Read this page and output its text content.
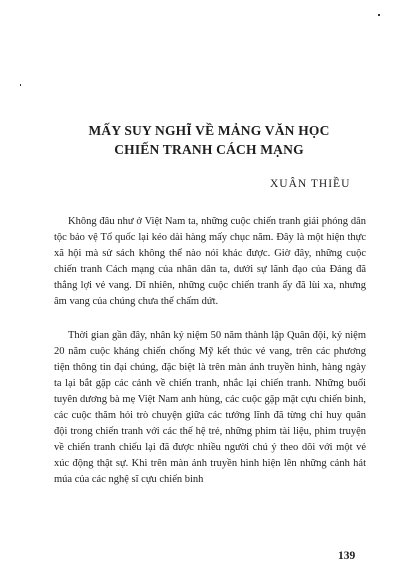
MẤY SUY NGHĨ VỀ MẢNG VĂN HỌC
CHIẾN TRANH CÁCH MẠNG
XUÂN THIỀU

Không đâu như ở Việt Nam ta, những cuộc chiến tranh giải phóng dân tộc bảo vệ Tổ quốc lại kéo dài hàng mấy chục năm. Đây là một hiện thực xã hội mà sử sách không thể nào nói khác được. Giờ đây, những cuộc chiến tranh Cách mạng của nhân dân ta, dưới sự lãnh đạo của Đảng đã thắng lợi vẻ vang. Dĩ nhiên, những cuộc chiến tranh ấy đã lùi xa, nhưng âm vang của chúng chưa thể chấm dứt.

Thời gian gần đây, nhân kỷ niệm 50 năm thành lập Quân đội, kỷ niệm 20 năm cuộc kháng chiến chống Mỹ kết thúc vẻ vang, trên các phương tiện thông tin đại chúng, đặc biệt là trên màn ảnh truyền hình, hàng ngày ta lại bắt gặp các cảnh về chiến tranh, nhắc lại chiến tranh. Những buổi tuyên dương bà mẹ Việt Nam anh hùng, các cuộc gặp mặt cựu chiến binh, các cuộc thăm hỏi trò chuyện giữa các tướng lĩnh đã từng chỉ huy quân đội trong chiến tranh với các thế hệ trẻ, những phim tài liệu, phim truyện về chiến tranh chiếu lại đã được nhiều người chú ý theo dõi với một vẻ xúc động thật sự. Khi trên màn ảnh truyền hình hiện lên những cảnh hát múa của các nghệ sĩ cựu chiến binh

139
